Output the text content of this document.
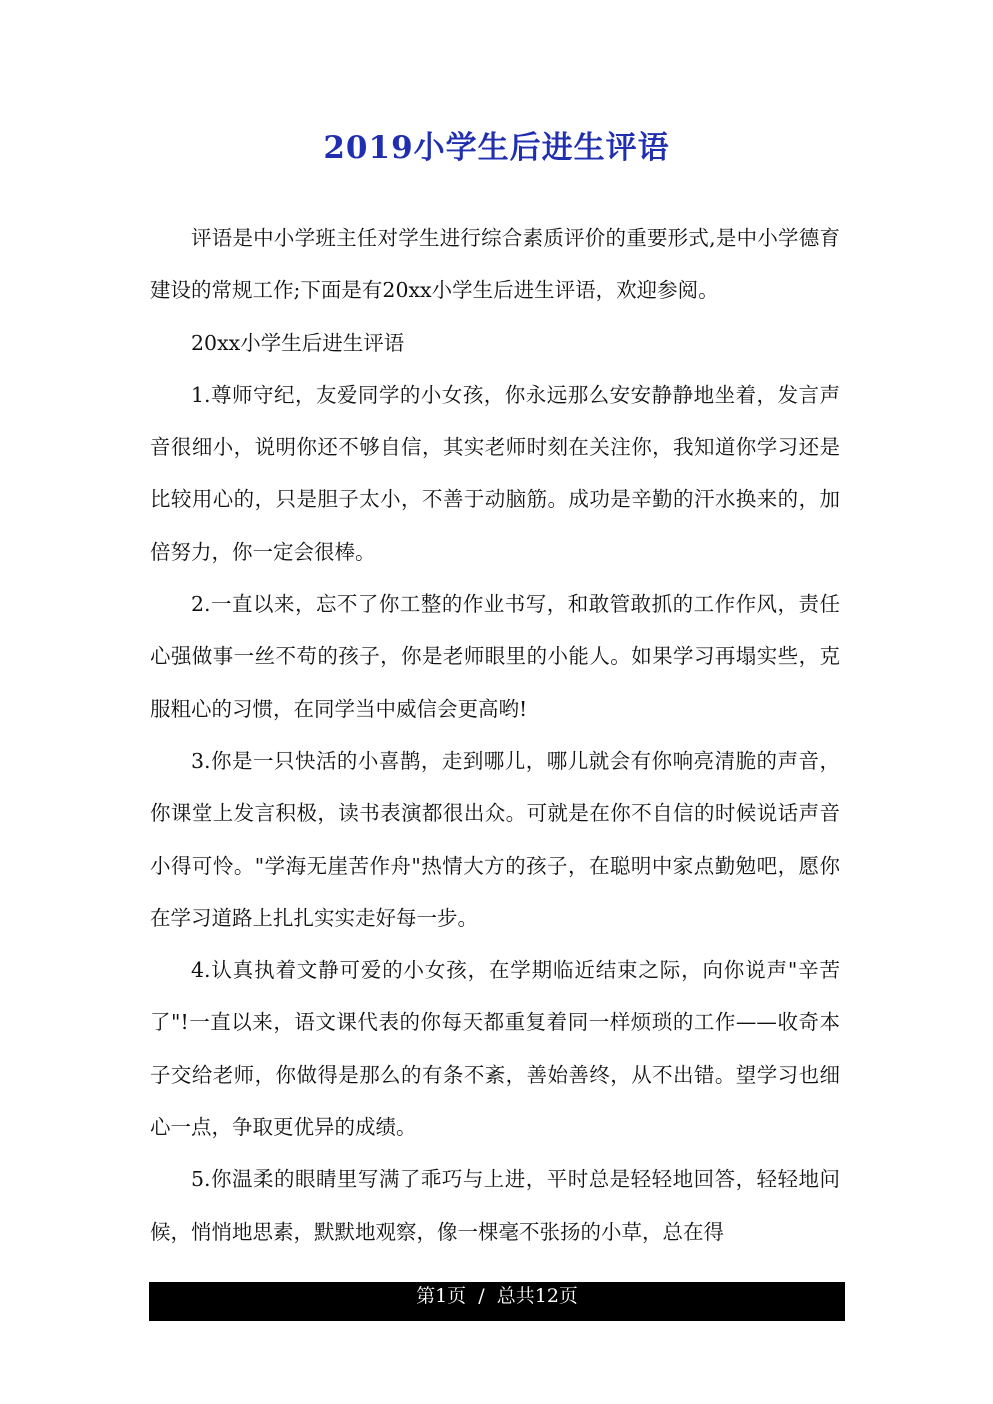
2019小学生后进生评语

评语是中小学班主任对学生进行综合素质评价的重要形式,是中小学德育建设的常规工作;下面是有20xx小学生后进生评语，欢迎参阅。

20xx小学生后进生评语

1.尊师守纪，友爱同学的小女孩，你永远那么安安静静地坐着，发言声音很细小，说明你还不够自信，其实老师时刻在关注你，我知道你学习还是比较用心的，只是胆子太小，不善于动脑筋。成功是辛勤的汗水换来的，加倍努力，你一定会很棒。

2.一直以来，忘不了你工整的作业书写，和敢管敢抓的工作作风，责任心强做事一丝不苟的孩子，你是老师眼里的小能人。如果学习再塌实些，克服粗心的习惯，在同学当中威信会更高哟!

3.你是一只快活的小喜鹊，走到哪儿，哪儿就会有你响亮清脆的声音，你课堂上发言积极，读书表演都很出众。可就是在你不自信的时候说话声音小得可怜。"学海无崖苦作舟"热情大方的孩子，在聪明中家点勤勉吧，愿你在学习道路上扎扎实实走好每一步。

4.认真执着文静可爱的小女孩，在学期临近结束之际，向你说声"辛苦了"!一直以来，语文课代表的你每天都重复着同一样烦琐的工作——收奇本子交给老师，你做得是那么的有条不紊，善始善终，从不出错。望学习也细心一点，争取更优异的成绩。

5.你温柔的眼睛里写满了乖巧与上进，平时总是轻轻地回答，轻轻地问候，悄悄地思素，默默地观察，像一棵毫不张扬的小草，总在得

第1页  /  总共12页
